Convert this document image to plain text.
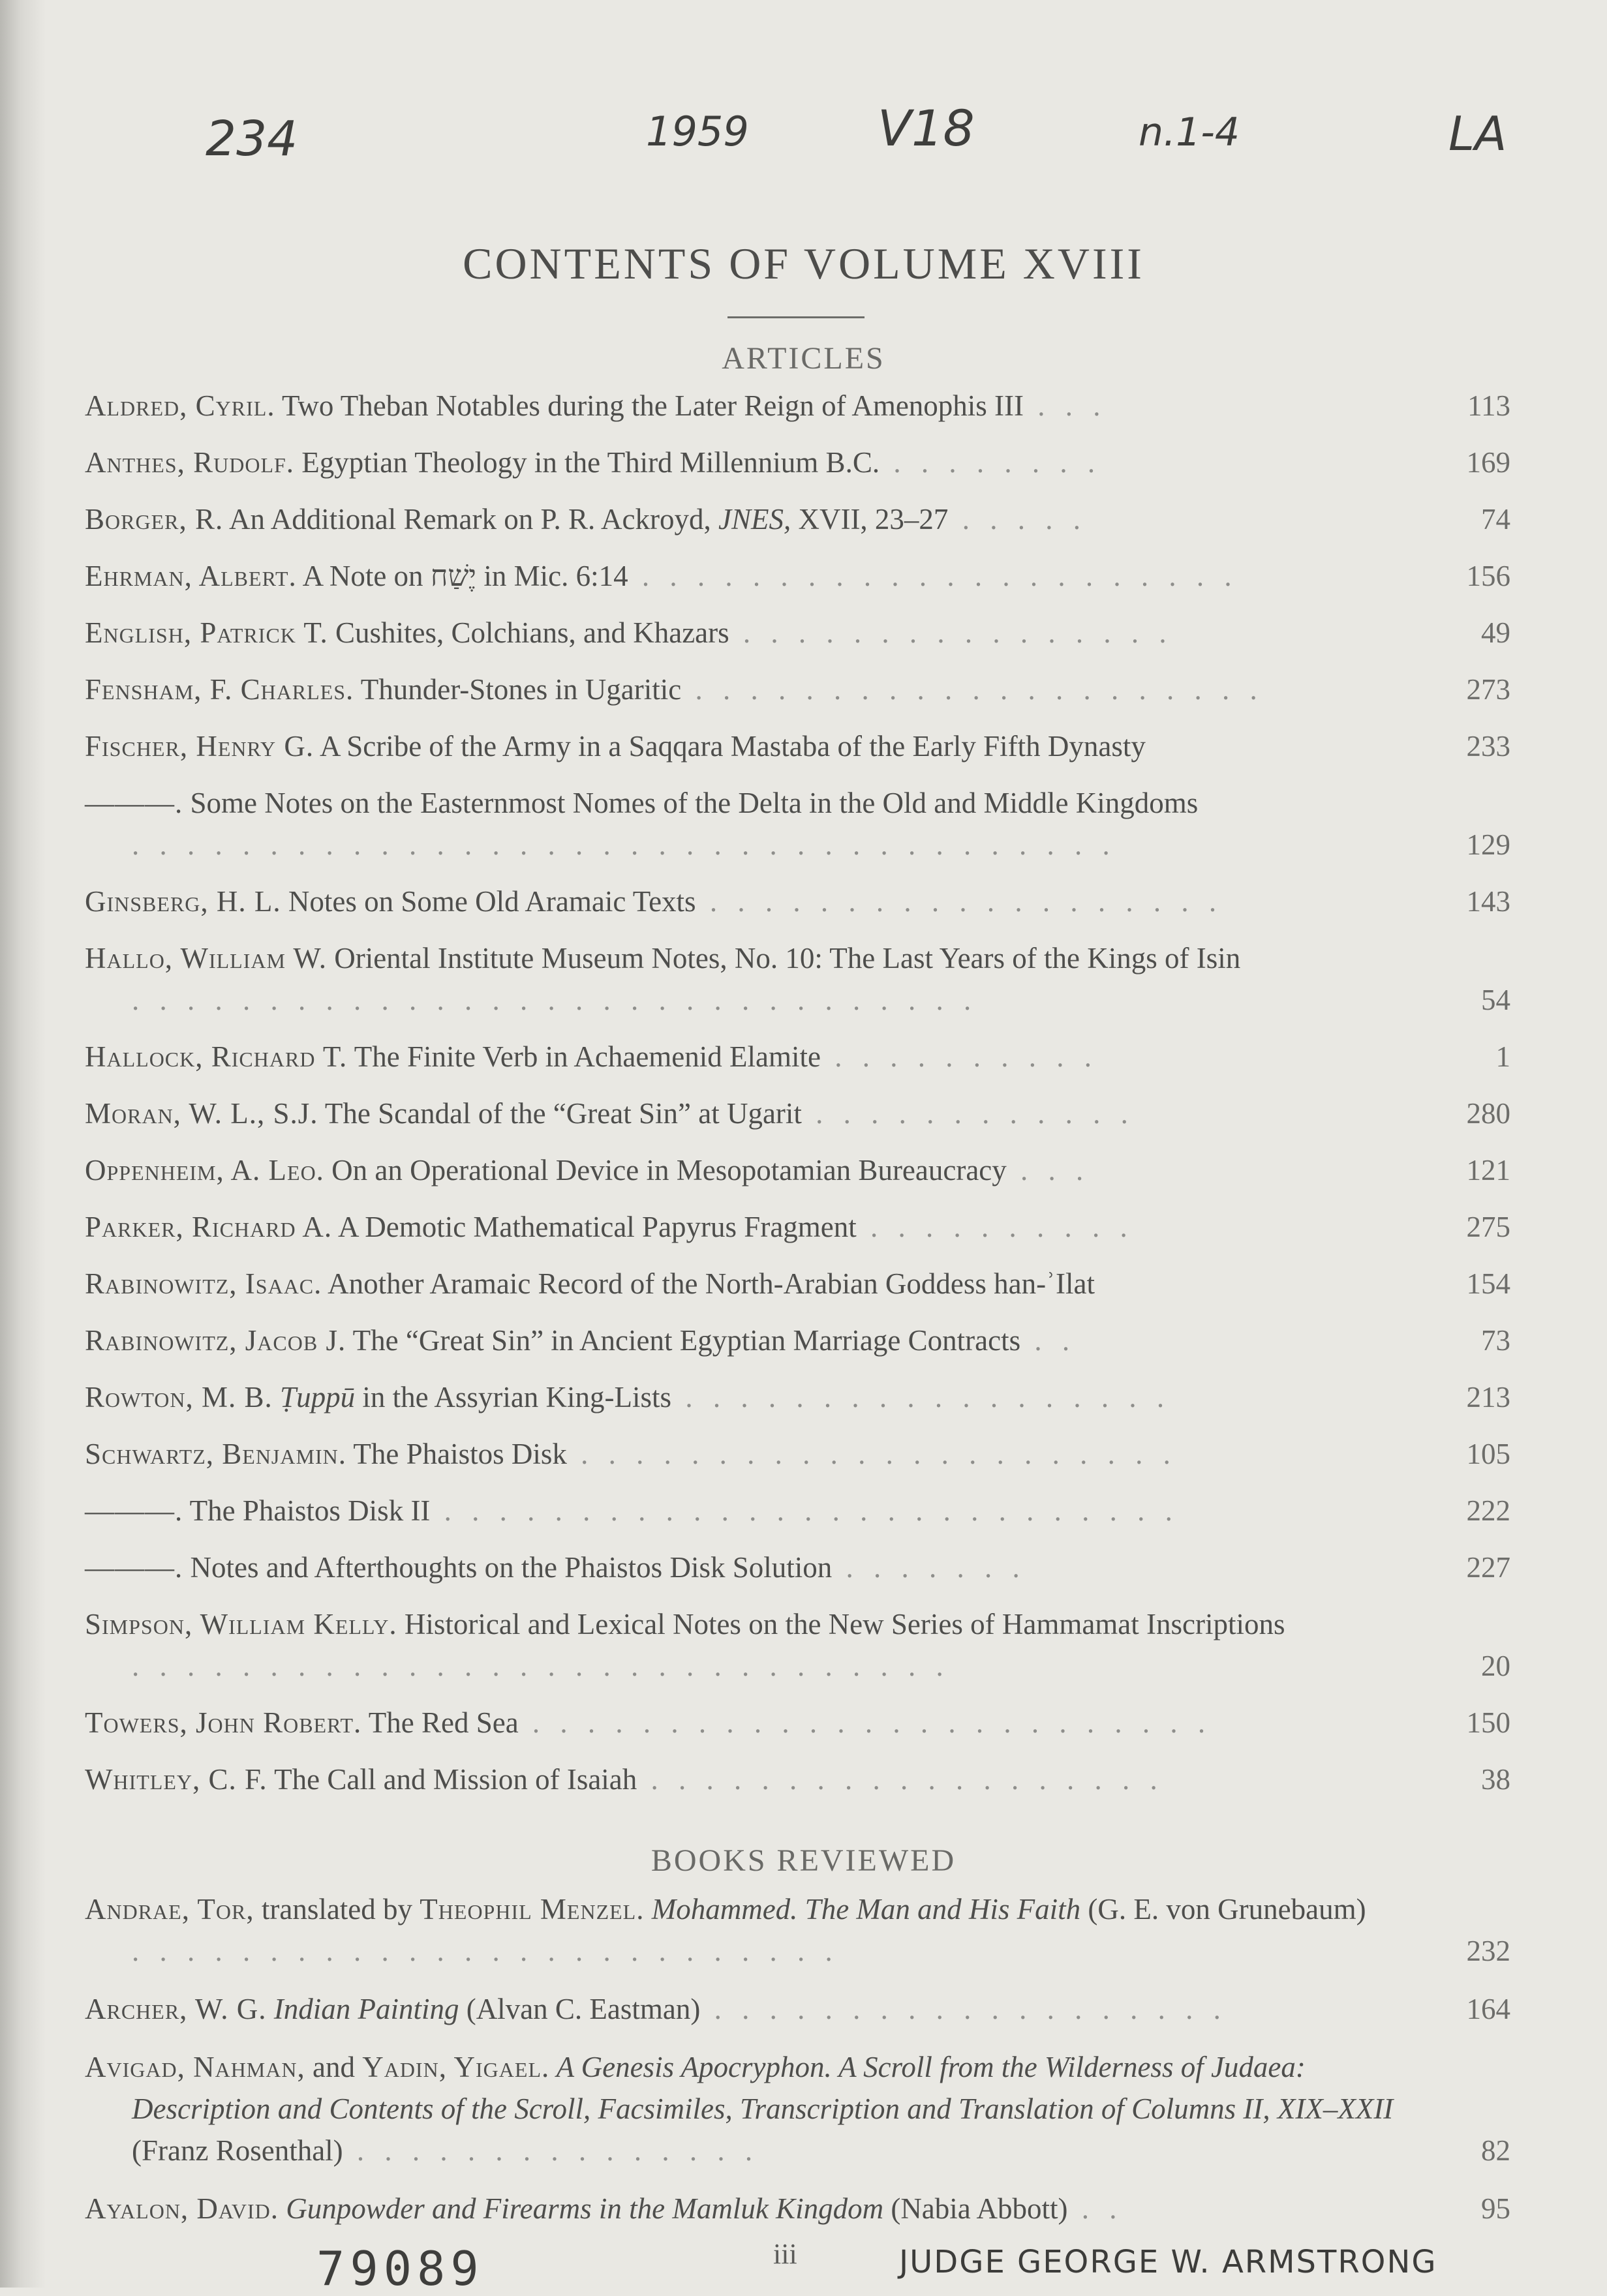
234	1959	V18	n.1-4	LA
CONTENTS OF VOLUME XVIII
ARTICLES
Aldred, Cyril. Two Theban Notables during the Later Reign of Amenophis III . . .	113
Anthes, Rudolf. Egyptian Theology in the Third Millennium B.C. . . . . . . . .	169
Borger, R. An Additional Remark on P. R. Ackroyd, JNES, XVII, 23–27 . . . . .	74
Ehrman, Albert. A Note on יֶשַׁח in Mic. 6:14 . . . . . . . . . . . . . . . . . . . . . .	156
English, Patrick T. Cushites, Colchians, and Khazars . . . . . . . . . . . . . . . .	49
Fensham, F. Charles. Thunder-Stones in Ugaritic . . . . . . . . . . . . . . . . . . . . .	273
Fischer, Henry G. A Scribe of the Army in a Saqqara Mastaba of the Early Fifth Dynasty	233
———. Some Notes on the Easternmost Nomes of the Delta in the Old and Middle Kingdoms . . . . . . . . . . . . . . . . . . . . . . . . . . . . . . . . . . . .	129
Ginsberg, H. L. Notes on Some Old Aramaic Texts . . . . . . . . . . . . . . . . . . .	143
Hallo, William W. Oriental Institute Museum Notes, No. 10: The Last Years of the Kings of Isin . . . . . . . . . . . . . . . . . . . . . . . . . . . . . . .	54
Hallock, Richard T. The Finite Verb in Achaemenid Elamite . . . . . . . . . .	1
Moran, W. L., S.J. The Scandal of the “Great Sin” at Ugarit . . . . . . . . . . . .	280
Oppenheim, A. Leo. On an Operational Device in Mesopotamian Bureaucracy . . .	121
Parker, Richard A. A Demotic Mathematical Papyrus Fragment . . . . . . . . . .	275
Rabinowitz, Isaac. Another Aramaic Record of the North-Arabian Goddess han-ʾIlat	154
Rabinowitz, Jacob J. The “Great Sin” in Ancient Egyptian Marriage Contracts . .	73
Rowton, M. B. Ṭuppū in the Assyrian King-Lists . . . . . . . . . . . . . . . . . .	213
Schwartz, Benjamin. The Phaistos Disk . . . . . . . . . . . . . . . . . . . . . .	105
———. The Phaistos Disk II . . . . . . . . . . . . . . . . . . . . . . . . . . .	222
———. Notes and Afterthoughts on the Phaistos Disk Solution . . . . . . .	227
Simpson, William Kelly. Historical and Lexical Notes on the New Series of Hammamat Inscriptions . . . . . . . . . . . . . . . . . . . . . . . . . . . . . .	20
Towers, John Robert. The Red Sea . . . . . . . . . . . . . . . . . . . . . . . . .	150
Whitley, C. F. The Call and Mission of Isaiah . . . . . . . . . . . . . . . . . . .	38
BOOKS REVIEWED
Andrae, Tor, translated by Theophil Menzel. Mohammed. The Man and His Faith (G. E. von Grunebaum) . . . . . . . . . . . . . . . . . . . . . . . . . .	232
Archer, W. G. Indian Painting (Alvan C. Eastman) . . . . . . . . . . . . . . . . . . .	164
Avigad, Nahman, and Yadin, Yigael. A Genesis Apocryphon. A Scroll from the Wilderness of Judaea: Description and Contents of the Scroll, Facsimiles, Transcription and Translation of Columns II, XIX–XXII (Franz Rosenthal) . . . . . . . . . . . . . . .	82
Ayalon, David. Gunpowder and Firearms in the Mamluk Kingdom (Nabia Abbott) . .	95
79089	iii	JUDGE GEORGE W. ARMSTRONG
